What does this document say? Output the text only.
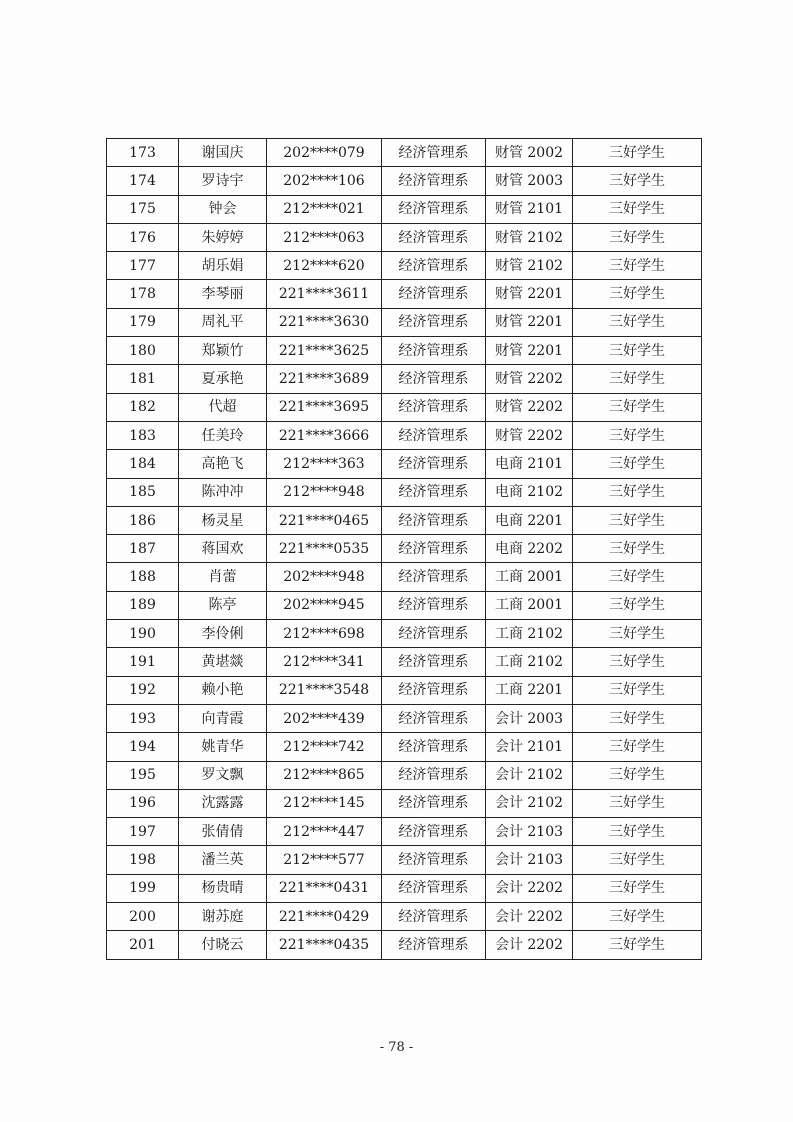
173	谢国庆	202****079	经济管理系	财管 2002	三好学生
174	罗诗宇	202****106	经济管理系	财管 2003	三好学生
175	钟会	212****021	经济管理系	财管 2101	三好学生
176	朱婷婷	212****063	经济管理系	财管 2102	三好学生
177	胡乐娟	212****620	经济管理系	财管 2102	三好学生
178	李琴丽	221****3611	经济管理系	财管 2201	三好学生
179	周礼平	221****3630	经济管理系	财管 2201	三好学生
180	郑颖竹	221****3625	经济管理系	财管 2201	三好学生
181	夏承艳	221****3689	经济管理系	财管 2202	三好学生
182	代超	221****3695	经济管理系	财管 2202	三好学生
183	任美玲	221****3666	经济管理系	财管 2202	三好学生
184	高艳飞	212****363	经济管理系	电商 2101	三好学生
185	陈冲冲	212****948	经济管理系	电商 2102	三好学生
186	杨灵星	221****0465	经济管理系	电商 2201	三好学生
187	蒋国欢	221****0535	经济管理系	电商 2202	三好学生
188	肖蕾	202****948	经济管理系	工商 2001	三好学生
189	陈亭	202****945	经济管理系	工商 2001	三好学生
190	李伶俐	212****698	经济管理系	工商 2102	三好学生
191	黄堪燚	212****341	经济管理系	工商 2102	三好学生
192	赖小艳	221****3548	经济管理系	工商 2201	三好学生
193	向青霞	202****439	经济管理系	会计 2003	三好学生
194	姚青华	212****742	经济管理系	会计 2101	三好学生
195	罗文飘	212****865	经济管理系	会计 2102	三好学生
196	沈露露	212****145	经济管理系	会计 2102	三好学生
197	张倩倩	212****447	经济管理系	会计 2103	三好学生
198	潘兰英	212****577	经济管理系	会计 2103	三好学生
199	杨贵晴	221****0431	经济管理系	会计 2202	三好学生
200	谢苏庭	221****0429	经济管理系	会计 2202	三好学生
201	付晓云	221****0435	经济管理系	会计 2202	三好学生
- 78 -
